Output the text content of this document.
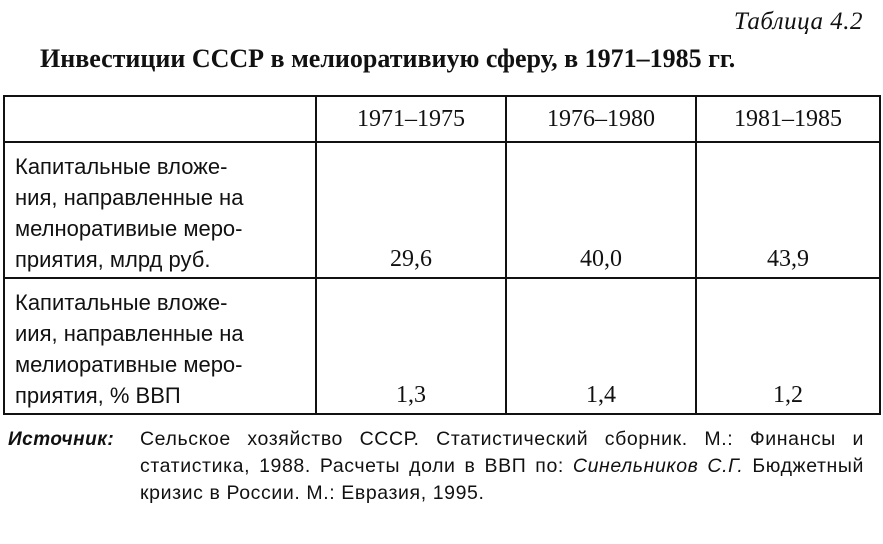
Таблица 4.2
Инвестиции СССР в мелиоративиую сферу, в 1971–1985 гг.
	1971–1975	1976–1980	1981–1985
Капитальные вложе-
ния, направленные на
мелноративиые меро-
приятия, млрд руб.	29,6	40,0	43,9
Капитальные вложе-
иия, направленные на
мелиоративные меро-
приятия, % ВВП	1,3	1,4	1,2
Источник: Сельское хозяйство СССР. Статистический сборник. М.: Финансы и статистика, 1988. Расчеты доли в ВВП по: Синельников С.Г. Бюджетный кризис в России. М.: Евразия, 1995.
